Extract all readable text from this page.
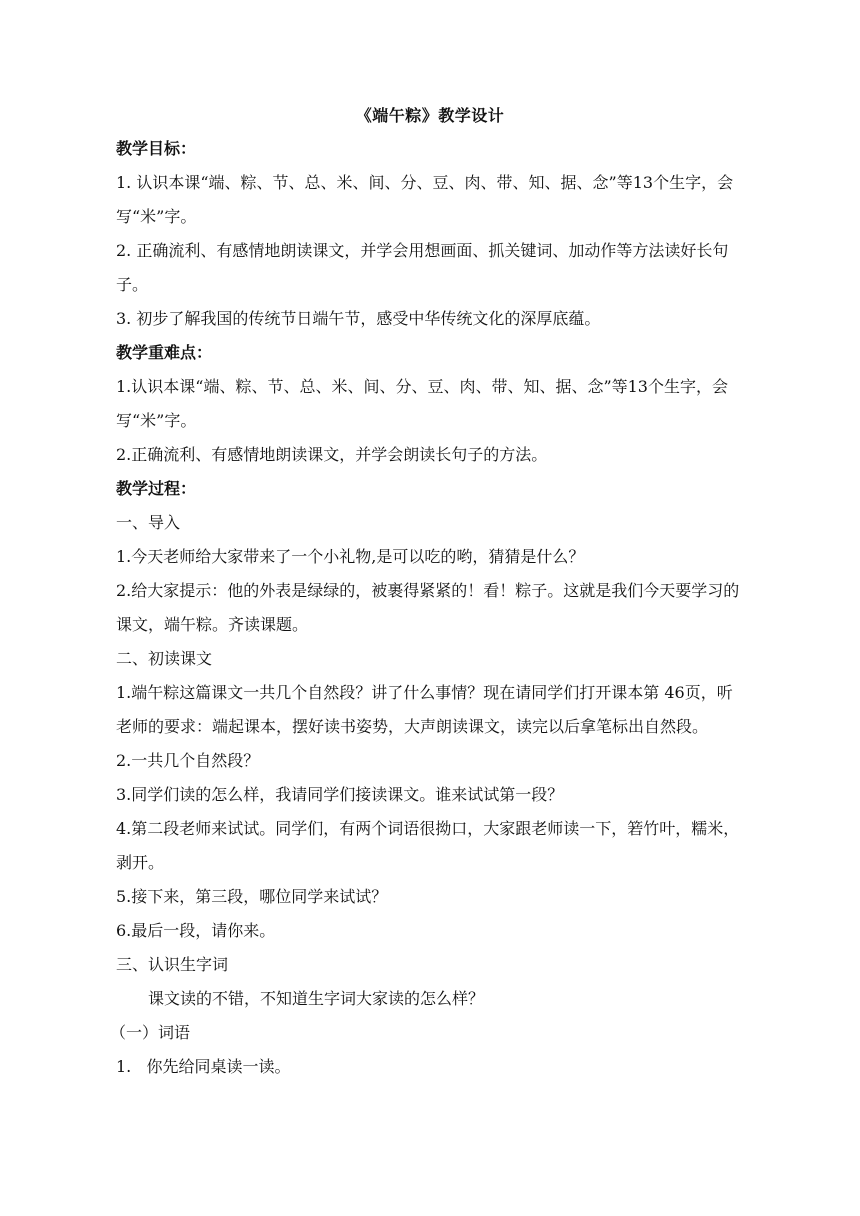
《端午粽》教学设计

教学目标：

1. 认识本课“端、粽、节、总、米、间、分、豆、肉、带、知、据、念”等13个生字，会写“米”字。

2. 正确流利、有感情地朗读课文，并学会用想画面、抓关键词、加动作等方法读好长句子。

3. 初步了解我国的传统节日端午节，感受中华传统文化的深厚底蕴。

教学重难点：

1.认识本课“端、粽、节、总、米、间、分、豆、肉、带、知、据、念”等13个生字，会写“米”字。

2.正确流利、有感情地朗读课文，并学会朗读长句子的方法。

教学过程：

一、导入

1.今天老师给大家带来了一个小礼物,是可以吃的哟，猜猜是什么？

2.给大家提示：他的外表是绿绿的，被裹得紧紧的！看！粽子。这就是我们今天要学习的课文，端午粽。齐读课题。

二、初读课文

1.端午粽这篇课文一共几个自然段？讲了什么事情？现在请同学们打开课本第 46页，听老师的要求：端起课本，摆好读书姿势，大声朗读课文，读完以后拿笔标出自然段。

2.一共几个自然段？

3.同学们读的怎么样，我请同学们接读课文。谁来试试第一段？

4.第二段老师来试试。同学们，有两个词语很拗口，大家跟老师读一下，箬竹叶，糯米，剥开。

5.接下来，第三段，哪位同学来试试？

6.最后一段，请你来。

三、认识生字词

课文读的不错，不知道生字词大家读的怎么样？

（一）词语

1.   你先给同桌读一读。
